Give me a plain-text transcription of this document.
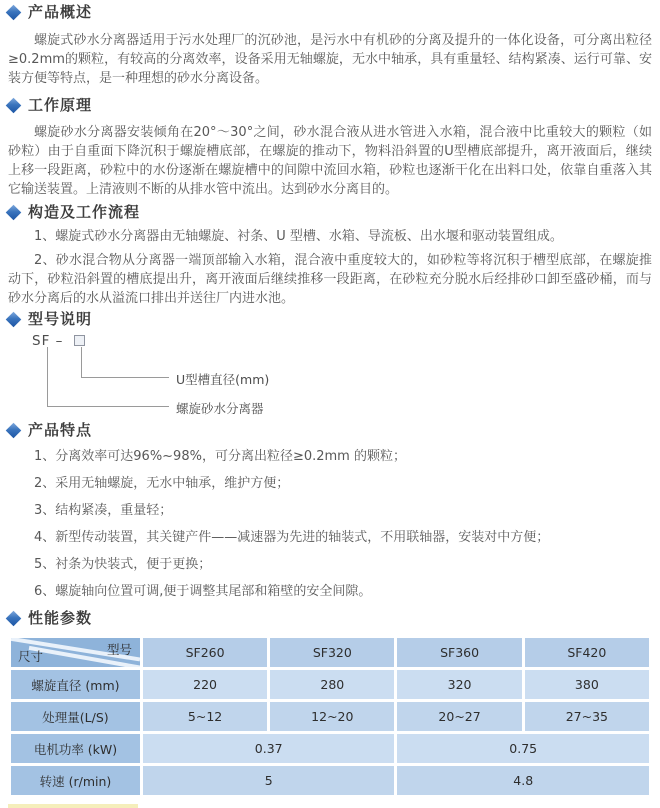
产品概述

螺旋式砂水分离器适用于污水处理厂的沉砂池，是污水中有机砂的分离及提升的一体化设备，可分离出粒径≥0.2mm的颗粒，有较高的分离效率，设备采用无轴螺旋，无水中轴承，具有重量轻、结构紧凑、运行可靠、安装方便等特点，是一种理想的砂水分离设备。

工作原理

螺旋砂水分离器安装倾角在20°～30°之间，砂水混合液从进水管进入水箱，混合液中比重较大的颗粒（如砂粒）由于自重面下降沉积于螺旋槽底部，在螺旋的推动下，物料沿斜置的U型槽底部提升，离开液面后，继续上移一段距离，砂粒中的水份逐渐在螺旋槽中的间隙中流回水箱，砂粒也逐渐干化在出料口处，依靠自重落入其它输送装置。上清液则不断的从排水管中流出。达到砂水分离目的。

构造及工作流程

1、螺旋式砂水分离器由无轴螺旋、衬条、U 型槽、水箱、导流板、出水堰和驱动装置组成。

2、砂水混合物从分离器一端顶部输入水箱，混合液中重度较大的，如砂粒等将沉积于槽型底部，在螺旋推动下，砂粒沿斜置的槽底提出升，离开液面后继续推移一段距离，在砂粒充分脱水后经排砂口卸至盛砂桶，而与砂水分离后的水从溢流口排出并送往厂内进水池。

型号说明
SF –
U型槽直径(mm)
螺旋砂水分离器
产品特点

1、分离效率可达96%~98%，可分离出粒径≥0.2mm 的颗粒；

2、采用无轴螺旋，无水中轴承，维护方便；

3、结构紧凑，重量轻；

4、新型传动装置，其关键产件——减速器为先进的轴装式，不用联轴器，安装对中方便；

5、衬条为快装式，便于更换；

6、螺旋轴向位置可调,便于调整其尾部和箱壁的安全间隙。

性能参数
型号
尺寸	SF260	SF320	SF360	SF420
螺旋直径 (mm)	220	280	320	380
处理量(L/S)	5~12	12~20	20~27	27~35
电机功率 (kW)	0.37		0.75	
转速 (r/min)	5		4.8	
